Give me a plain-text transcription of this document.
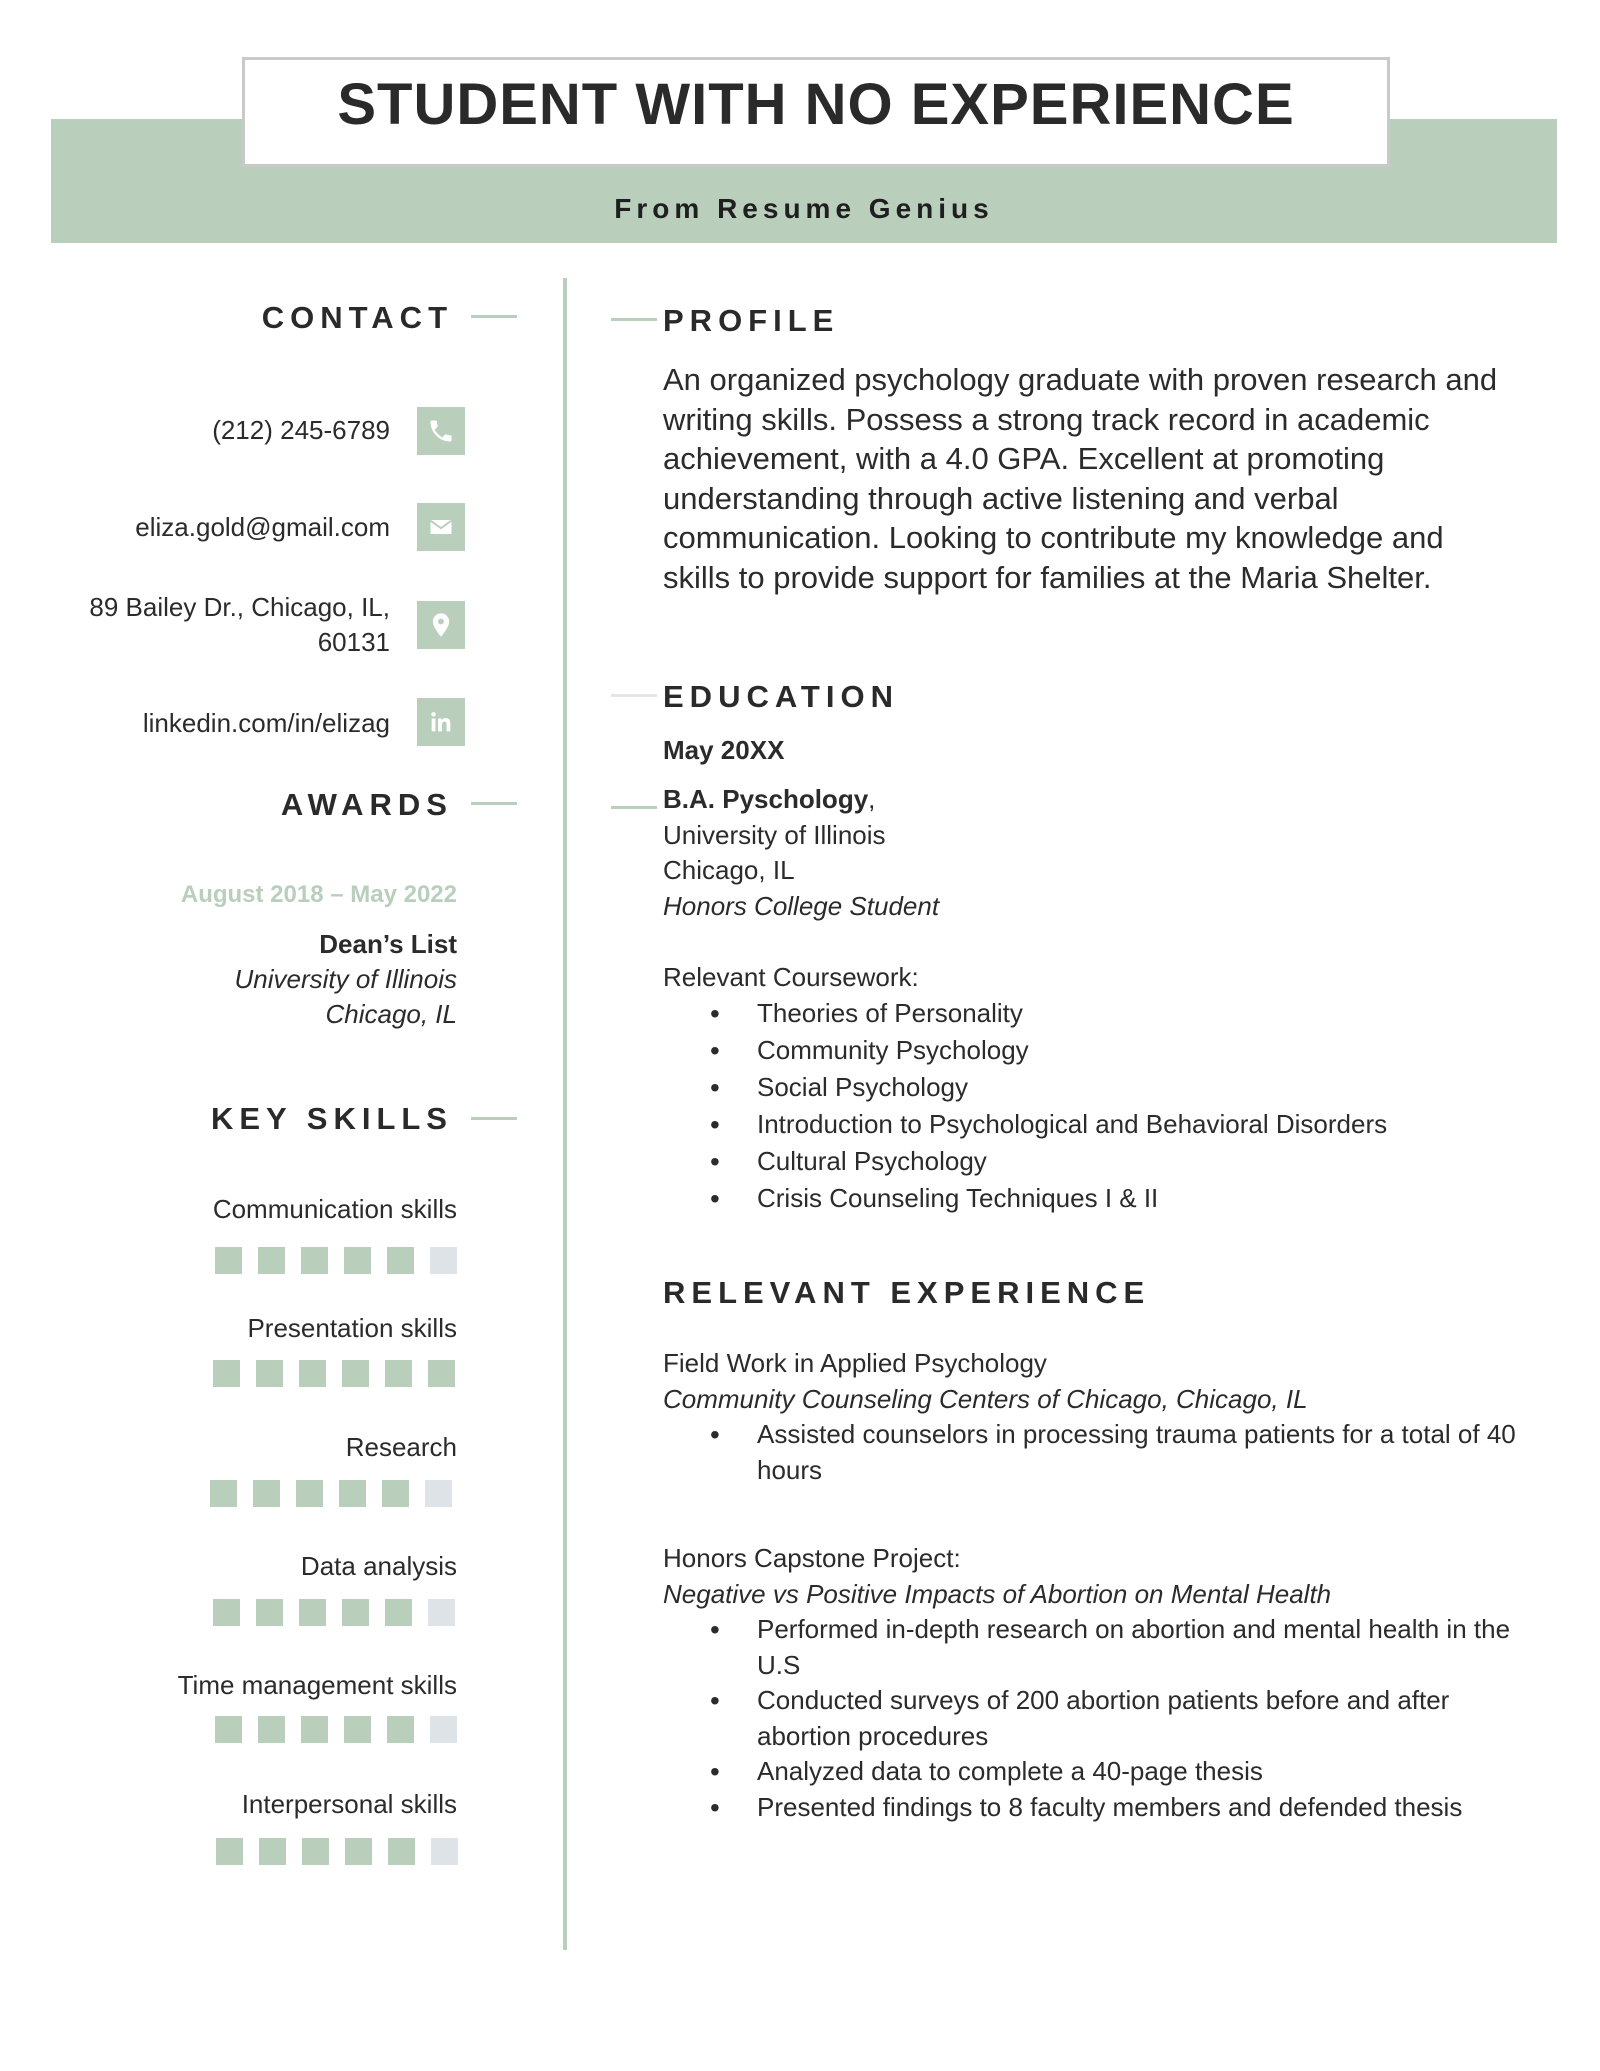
STUDENT WITH NO EXPERIENCE
From Resume Genius
CONTACT
(212) 245-6789
eliza.gold@gmail.com
89 Bailey Dr., Chicago, IL,
60131
linkedin.com/in/elizag
AWARDS
August 2018 – May 2022
Dean’s List
University of Illinois
Chicago, IL
KEY SKILLS
Communication skills
Presentation skills
Research
Data analysis
Time management skills
Interpersonal skills
PROFILE
An organized psychology graduate with proven research and
writing skills. Possess a strong track record in academic
achievement, with a 4.0 GPA. Excellent at promoting
understanding through active listening and verbal
communication. Looking to contribute my knowledge and
skills to provide support for families at the Maria Shelter.
EDUCATION
May 20XX
B.A. Pyschology,
University of Illinois
Chicago, IL
Honors College Student
Relevant Coursework:
• Theories of Personality
• Community Psychology
• Social Psychology
• Introduction to Psychological and Behavioral Disorders
• Cultural Psychology
• Crisis Counseling Techniques I & II
RELEVANT EXPERIENCE
Field Work in Applied Psychology
Community Counseling Centers of Chicago, Chicago, IL
• Assisted counselors in processing trauma patients for a total of 40
hours
Honors Capstone Project:
Negative vs Positive Impacts of Abortion on Mental Health
• Performed in-depth research on abortion and mental health in the
U.S
• Conducted surveys of 200 abortion patients before and after
abortion procedures
• Analyzed data to complete a 40-page thesis
• Presented findings to 8 faculty members and defended thesis
